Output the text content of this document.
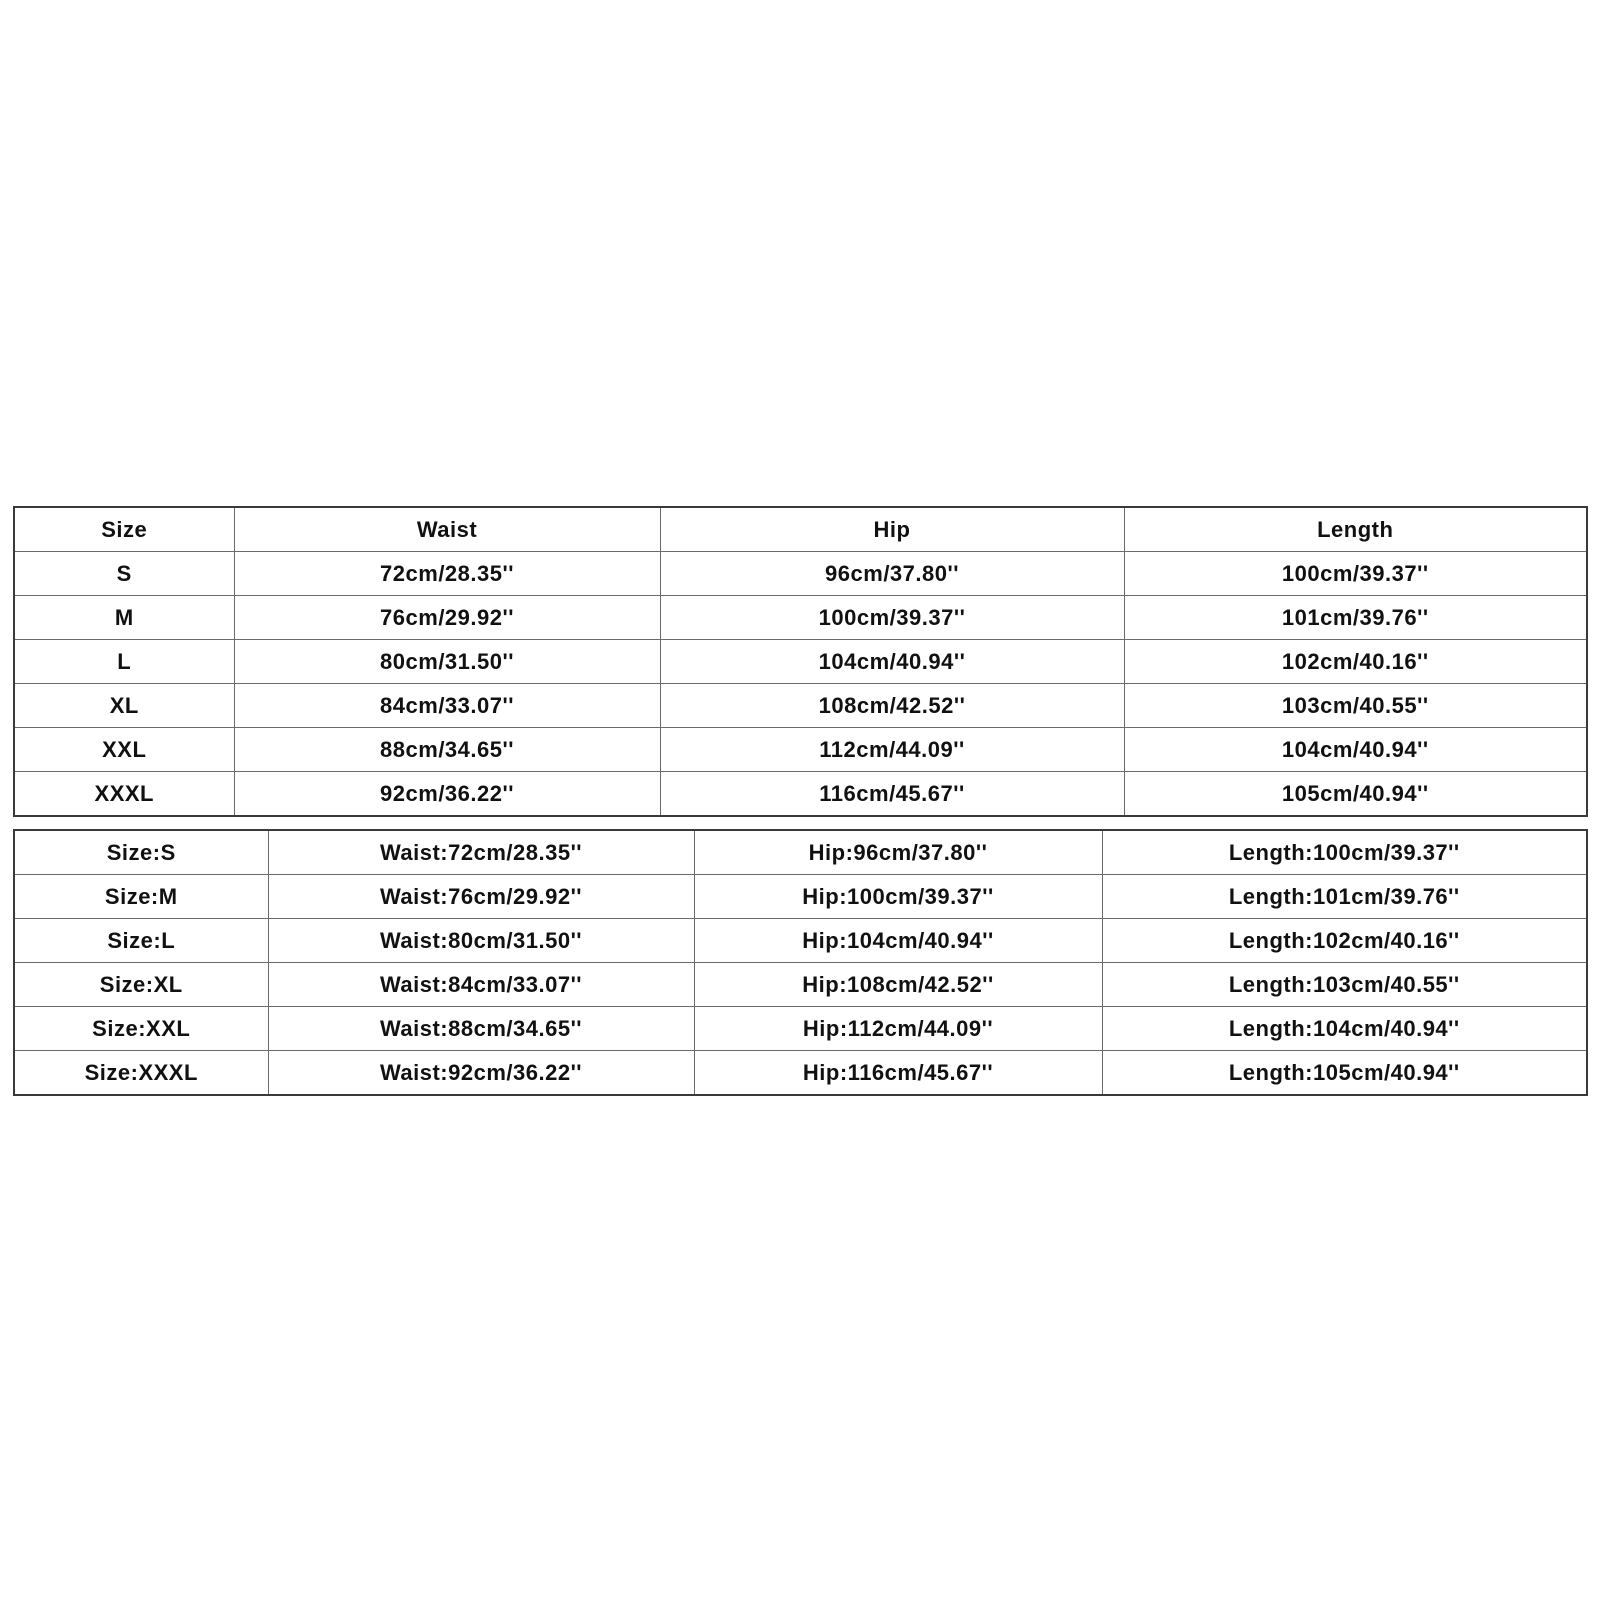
Size	Waist	Hip	Length
S	72cm/28.35''	96cm/37.80''	100cm/39.37''
M	76cm/29.92''	100cm/39.37''	101cm/39.76''
L	80cm/31.50''	104cm/40.94''	102cm/40.16''
XL	84cm/33.07''	108cm/42.52''	103cm/40.55''
XXL	88cm/34.65''	112cm/44.09''	104cm/40.94''
XXXL	92cm/36.22''	116cm/45.67''	105cm/40.94''
Size:S	Waist:72cm/28.35''	Hip:96cm/37.80''	Length:100cm/39.37''
Size:M	Waist:76cm/29.92''	Hip:100cm/39.37''	Length:101cm/39.76''
Size:L	Waist:80cm/31.50''	Hip:104cm/40.94''	Length:102cm/40.16''
Size:XL	Waist:84cm/33.07''	Hip:108cm/42.52''	Length:103cm/40.55''
Size:XXL	Waist:88cm/34.65''	Hip:112cm/44.09''	Length:104cm/40.94''
Size:XXXL	Waist:92cm/36.22''	Hip:116cm/45.67''	Length:105cm/40.94''
